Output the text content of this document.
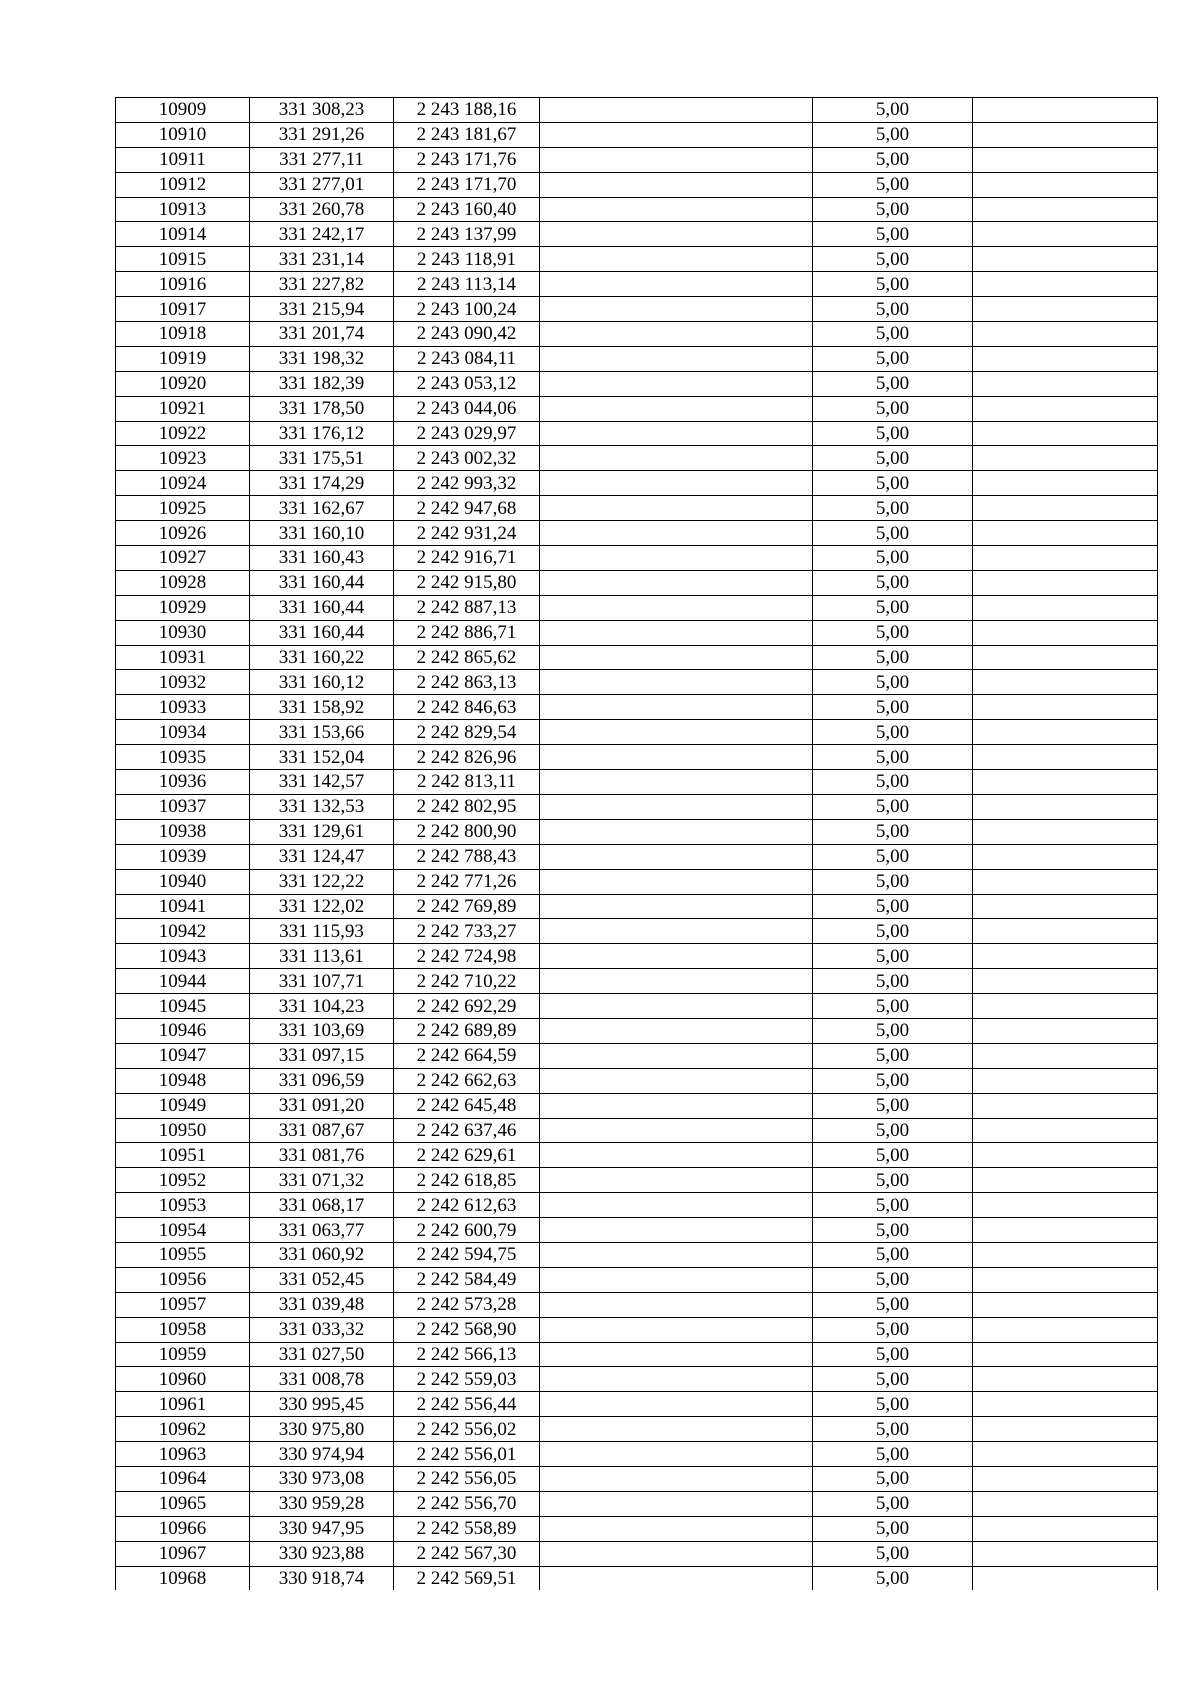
10909	331 308,23	2 243 188,16		5,00	
10910	331 291,26	2 243 181,67		5,00	
10911	331 277,11	2 243 171,76		5,00	
10912	331 277,01	2 243 171,70		5,00	
10913	331 260,78	2 243 160,40		5,00	
10914	331 242,17	2 243 137,99		5,00	
10915	331 231,14	2 243 118,91		5,00	
10916	331 227,82	2 243 113,14		5,00	
10917	331 215,94	2 243 100,24		5,00	
10918	331 201,74	2 243 090,42		5,00	
10919	331 198,32	2 243 084,11		5,00	
10920	331 182,39	2 243 053,12		5,00	
10921	331 178,50	2 243 044,06		5,00	
10922	331 176,12	2 243 029,97		5,00	
10923	331 175,51	2 243 002,32		5,00	
10924	331 174,29	2 242 993,32		5,00	
10925	331 162,67	2 242 947,68		5,00	
10926	331 160,10	2 242 931,24		5,00	
10927	331 160,43	2 242 916,71		5,00	
10928	331 160,44	2 242 915,80		5,00	
10929	331 160,44	2 242 887,13		5,00	
10930	331 160,44	2 242 886,71		5,00	
10931	331 160,22	2 242 865,62		5,00	
10932	331 160,12	2 242 863,13		5,00	
10933	331 158,92	2 242 846,63		5,00	
10934	331 153,66	2 242 829,54		5,00	
10935	331 152,04	2 242 826,96		5,00	
10936	331 142,57	2 242 813,11		5,00	
10937	331 132,53	2 242 802,95		5,00	
10938	331 129,61	2 242 800,90		5,00	
10939	331 124,47	2 242 788,43		5,00	
10940	331 122,22	2 242 771,26		5,00	
10941	331 122,02	2 242 769,89		5,00	
10942	331 115,93	2 242 733,27		5,00	
10943	331 113,61	2 242 724,98		5,00	
10944	331 107,71	2 242 710,22		5,00	
10945	331 104,23	2 242 692,29		5,00	
10946	331 103,69	2 242 689,89		5,00	
10947	331 097,15	2 242 664,59		5,00	
10948	331 096,59	2 242 662,63		5,00	
10949	331 091,20	2 242 645,48		5,00	
10950	331 087,67	2 242 637,46		5,00	
10951	331 081,76	2 242 629,61		5,00	
10952	331 071,32	2 242 618,85		5,00	
10953	331 068,17	2 242 612,63		5,00	
10954	331 063,77	2 242 600,79		5,00	
10955	331 060,92	2 242 594,75		5,00	
10956	331 052,45	2 242 584,49		5,00	
10957	331 039,48	2 242 573,28		5,00	
10958	331 033,32	2 242 568,90		5,00	
10959	331 027,50	2 242 566,13		5,00	
10960	331 008,78	2 242 559,03		5,00	
10961	330 995,45	2 242 556,44		5,00	
10962	330 975,80	2 242 556,02		5,00	
10963	330 974,94	2 242 556,01		5,00	
10964	330 973,08	2 242 556,05		5,00	
10965	330 959,28	2 242 556,70		5,00	
10966	330 947,95	2 242 558,89		5,00	
10967	330 923,88	2 242 567,30		5,00	
10968	330 918,74	2 242 569,51		5,00	
